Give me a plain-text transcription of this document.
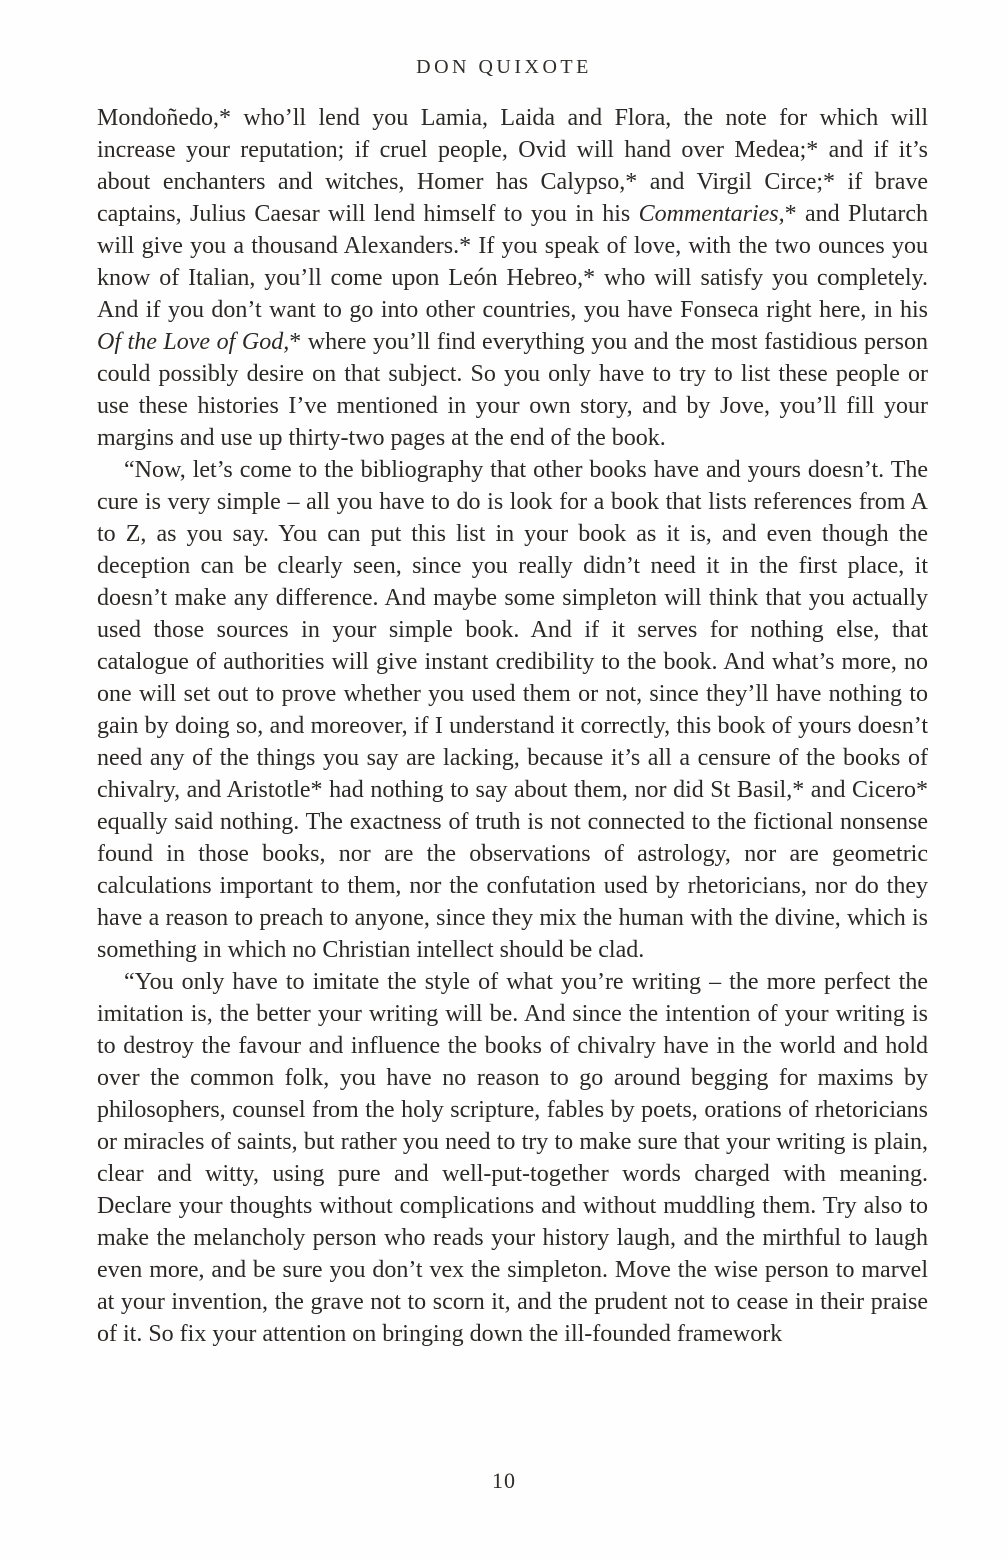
DON QUIXOTE

Mondoñedo,* who’ll lend you Lamia, Laida and Flora, the note for which will increase your reputation; if cruel people, Ovid will hand over Medea;* and if it’s about enchanters and witches, Homer has Calypso,* and Virgil Circe;* if brave captains, Julius Caesar will lend himself to you in his Commentaries,* and Plutarch will give you a thousand Alexanders.* If you speak of love, with the two ounces you know of Italian, you’ll come upon León Hebreo,* who will satisfy you completely. And if you don’t want to go into other countries, you have Fonseca right here, in his Of the Love of God,* where you’ll find everything you and the most fastidious person could possibly desire on that subject. So you only have to try to list these people or use these histories I’ve mentioned in your own story, and by Jove, you’ll fill your margins and use up thirty-two pages at the end of the book.

“Now, let’s come to the bibliography that other books have and yours doesn’t. The cure is very simple – all you have to do is look for a book that lists references from A to Z, as you say. You can put this list in your book as it is, and even though the deception can be clearly seen, since you really didn’t need it in the first place, it doesn’t make any difference. And maybe some simpleton will think that you actually used those sources in your simple book. And if it serves for nothing else, that catalogue of authorities will give instant credibility to the book. And what’s more, no one will set out to prove whether you used them or not, since they’ll have nothing to gain by doing so, and moreover, if I understand it correctly, this book of yours doesn’t need any of the things you say are lacking, because it’s all a censure of the books of chivalry, and Aristotle* had nothing to say about them, nor did St Basil,* and Cicero* equally said nothing. The exactness of truth is not connected to the fictional nonsense found in those books, nor are the observations of astrology, nor are geometric calculations important to them, nor the confutation used by rhetoricians, nor do they have a reason to preach to anyone, since they mix the human with the divine, which is something in which no Christian intellect should be clad.

“You only have to imitate the style of what you’re writing – the more perfect the imitation is, the better your writing will be. And since the intention of your writing is to destroy the favour and influence the books of chivalry have in the world and hold over the common folk, you have no reason to go around begging for maxims by philosophers, counsel from the holy scripture, fables by poets, orations of rhetoricians or miracles of saints, but rather you need to try to make sure that your writing is plain, clear and witty, using pure and well-put-together words charged with meaning. Declare your thoughts without complications and without muddling them. Try also to make the melancholy person who reads your history laugh, and the mirthful to laugh even more, and be sure you don’t vex the simpleton. Move the wise person to marvel at your invention, the grave not to scorn it, and the prudent not to cease in their praise of it. So fix your attention on bringing down the ill-founded framework

10
